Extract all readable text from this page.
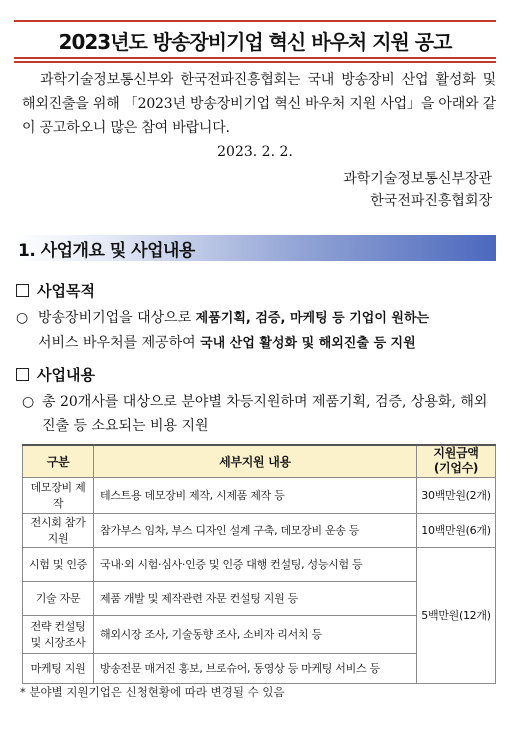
2023년도 방송장비기업 혁신 바우처 지원 공고

과학기술정보통신부와 한국전파진흥협회는 국내 방송장비 산업 활성화 및 해외진출을 위해 「2023년 방송장비기업 혁신 바우처 지원 사업」을 아래와 같이 공고하오니 많은 참여 바랍니다.

2023. 2. 2.
과학기술정보통신부장관
한국전파진흥협회장
1. 사업개요 및 사업내용
사업목적
○ 방송장비기업을 대상으로 제품기획, 검증, 마케팅 등 기업이 원하는
서비스 바우처를 제공하여 국내 산업 활성화 및 해외진출 등 지원
사업내용
○ 총 20개사를 대상으로 분야별 차등지원하며 제품기획, 검증, 상용화, 해외진출 등 소요되는 비용 지원
구분	세부지원 내용	지원금액
(기업수)
데모장비 제작	테스트용 데모장비 제작, 시제품 제작 등	30백만원(2개)
전시회 참가 지원	참가부스 임차, 부스 디자인 설계 구축, 데모장비 운송 등	10백만원(6개)
시험 및 인증	국내·외 시험·심사·인증 및 인증 대행 컨설팅, 성능시험 등	5백만원(12개)
기술 자문	제품 개발 및 제작관련 자문 컨설팅 지원 등	
전략 컨설팅 및 시장조사	해외시장 조사, 기술동향 조사, 소비자 리서치 등	
마케팅 지원	방송전문 매거진 홍보, 브로슈어, 동영상 등 마케팅 서비스 등	
* 분야별 지원기업은 신청현황에 따라 변경될 수 있음
